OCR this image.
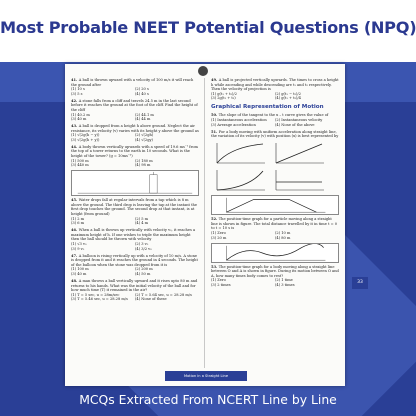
Most Probable NEET Potential Questions (NPQ)
41. A ball is thrown upward with a velocity of 100 m/s it will reach the ground after
(1) 10 s	(2) 20 s
(3) 5 s	(4) 40 s
42. A stone falls from a cliff and travels 24.5 m in the last second before it reaches the ground at the foot of the cliff. Find the height of the cliff
(1) 40.2 m	(2) 44.1 m
(3) 40 m	(4) 44 m
43. A ball is dropped from a height h above ground. Neglect the air resistance, its velocity (v) varies with its height y above the ground as
(1) √(2g(h − y))	(2) √(2gh)
(3) √(2g(h + y))	(4) √(2gy)
44. A body thrown vertically upwards with a speed of 19.6 ms⁻¹ from the top of a tower returns to the earth in 10 seconds. What is the height of the tower? (g = 10ms⁻²)
(1) 500 m	(2) 180 m
(3) 440 m	(4) 98 m
45. Water drops fall at regular intervals from a tap which is 8 m above the ground. The third drop is leaving the tap at the instant the first drop touches the ground. The second drop at that instant, is at height (from ground)
(1) 2 m	(2) 5 m
(3) 6 m	(4) 4 m
46. When a ball is thrown up vertically with velocity v₀, it reaches a maximum height of h. If one wishes to triple the maximum height then the ball should be thrown with velocity
(1) √3 v₀	(2) 3 v₀
(3) 9 v₀	(4) 3/2 v₀
47. A balloon is rising vertically up with a velocity of 10 m/s. A stone is dropped from it and it reaches the ground in 4 seconds. The height of the balloon when the stone was dropped from it is
(1) 100 m	(2) 200 m
(3) 40 m	(4) 50 m
48. A man throws a ball vertically upward and it rises upto 80 m and returns to his hands. What was the initial velocity of the ball and for how much time (T) it remained in the air?
(1) T = 5 sec, u = 28m/sec	(2) T = 5.64 sec, u = 28.28 m/s
(3) T = 5.46 sec, u = 28.28 m/s	(4) None of these
49. A ball is projected vertically upwards. The times to cross a height h while ascending and while descending are t₁ and t₂ respectively. Then the velocity of projection is
(1) g(t₁ + t₂)/2	(2) g(t₁ − t₂)/2
(3) 2g(t₁ + t₂)	(4) g(t₁ + t₂)/4
Graphical Representation of Motion
50. The slope of the tangent to the x – t curve gives the value of
(1) Instantaneous acceleration	(2) Instantaneous velocity
(3) Average acceleration	(4) None of the above
51. For a body moving with uniform acceleration along straight line, the variation of its velocity (v) with position (x) is best represented by
52. The position-time graph for a particle moving along a straight line is shown in figure. The total distance travelled by it in time t = 0 to t = 10 s is
(1) Zero	(2) 10 m
(3) 20 m	(4) 80 m
53. The position-time graph for a body moving along a straight line between O and A is shown in figure. During its motion between O and A, how many times body comes to rest?
(1) Zero	(2) 1 time
(3) 2 times	(4) 3 times
Motion in a Straight Line
33
MCQs Extracted From NCERT Line by Line
